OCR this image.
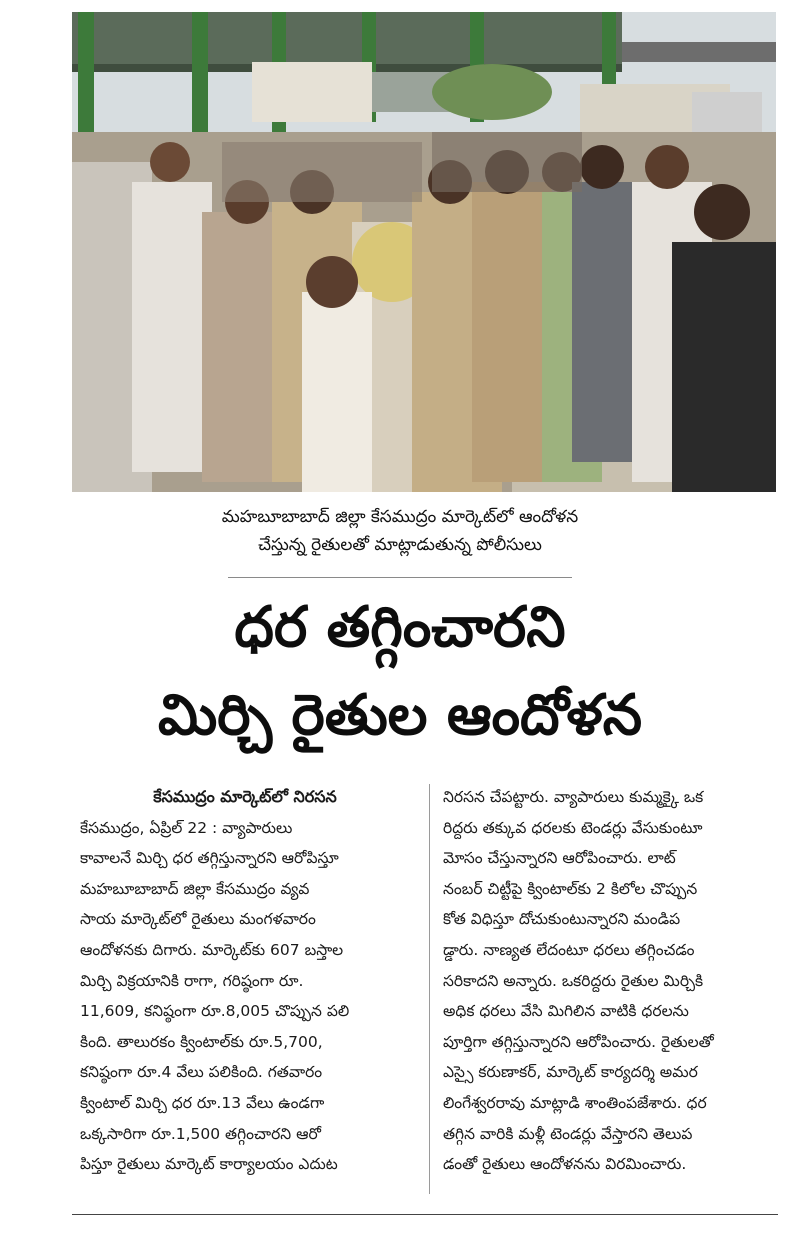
మహబూబాబాద్ జిల్లా కేసముద్రం మార్కెట్‌లో ఆందోళన
చేస్తున్న రైతులతో మాట్లాడుతున్న పోలీసులు
ధర తగ్గించారని
మిర్చి రైతుల ఆందోళన
కేసముద్రం మార్కెట్‌లో నిరసన
కేసముద్రం, ఏప్రిల్ 22 : వ్యాపారులు
కావాలనే మిర్చి ధర తగ్గిస్తున్నారని ఆరోపిస్తూ
మహబూబాబాద్ జిల్లా కేసముద్రం వ్యవ
సాయ మార్కెట్‌లో రైతులు మంగళవారం
ఆందోళనకు దిగారు. మార్కెట్‌కు 607 బస్తాల
మిర్చి విక్రయానికి రాగా, గరిష్ఠంగా రూ.
11,609, కనిష్ఠంగా రూ.8,005 చొప్పున పలి
కింది. తాలురకం క్వింటాల్‌కు రూ.5,700,
కనిష్ఠంగా రూ.4 వేలు పలికింది. గతవారం
క్వింటాల్ మిర్చి ధర రూ.13 వేలు ఉండగా
ఒక్కసారిగా రూ.1,500 తగ్గించారని ఆరో
పిస్తూ రైతులు మార్కెట్ కార్యాలయం ఎదుట
నిరసన చేపట్టారు. వ్యాపారులు కుమ్మక్కై ఒక
రిద్దరు తక్కువ ధరలకు టెండర్లు వేసుకుంటూ
మోసం చేస్తున్నారని ఆరోపించారు. లాట్
నంబర్ చిట్టీపై క్వింటాల్‌కు 2 కిలోల చొప్పున
కోత విధిస్తూ దోచుకుంటున్నారని మండిప
డ్డారు. నాణ్యత లేదంటూ ధరలు తగ్గించడం
సరికాదని అన్నారు. ఒకరిద్దరు రైతుల మిర్చికి
అధిక ధరలు వేసి మిగిలిన వాటికి ధరలను
పూర్తిగా తగ్గిస్తున్నారని ఆరోపించారు. రైతులతో
ఎస్సై కరుణాకర్, మార్కెట్ కార్యదర్శి అమర
లింగేశ్వరరావు మాట్లాడి శాంతింపజేశారు. ధర
తగ్గిన వారికి మళ్లీ టెండర్లు వేస్తారని తెలుప
డంతో రైతులు ఆందోళనను విరమించారు.
